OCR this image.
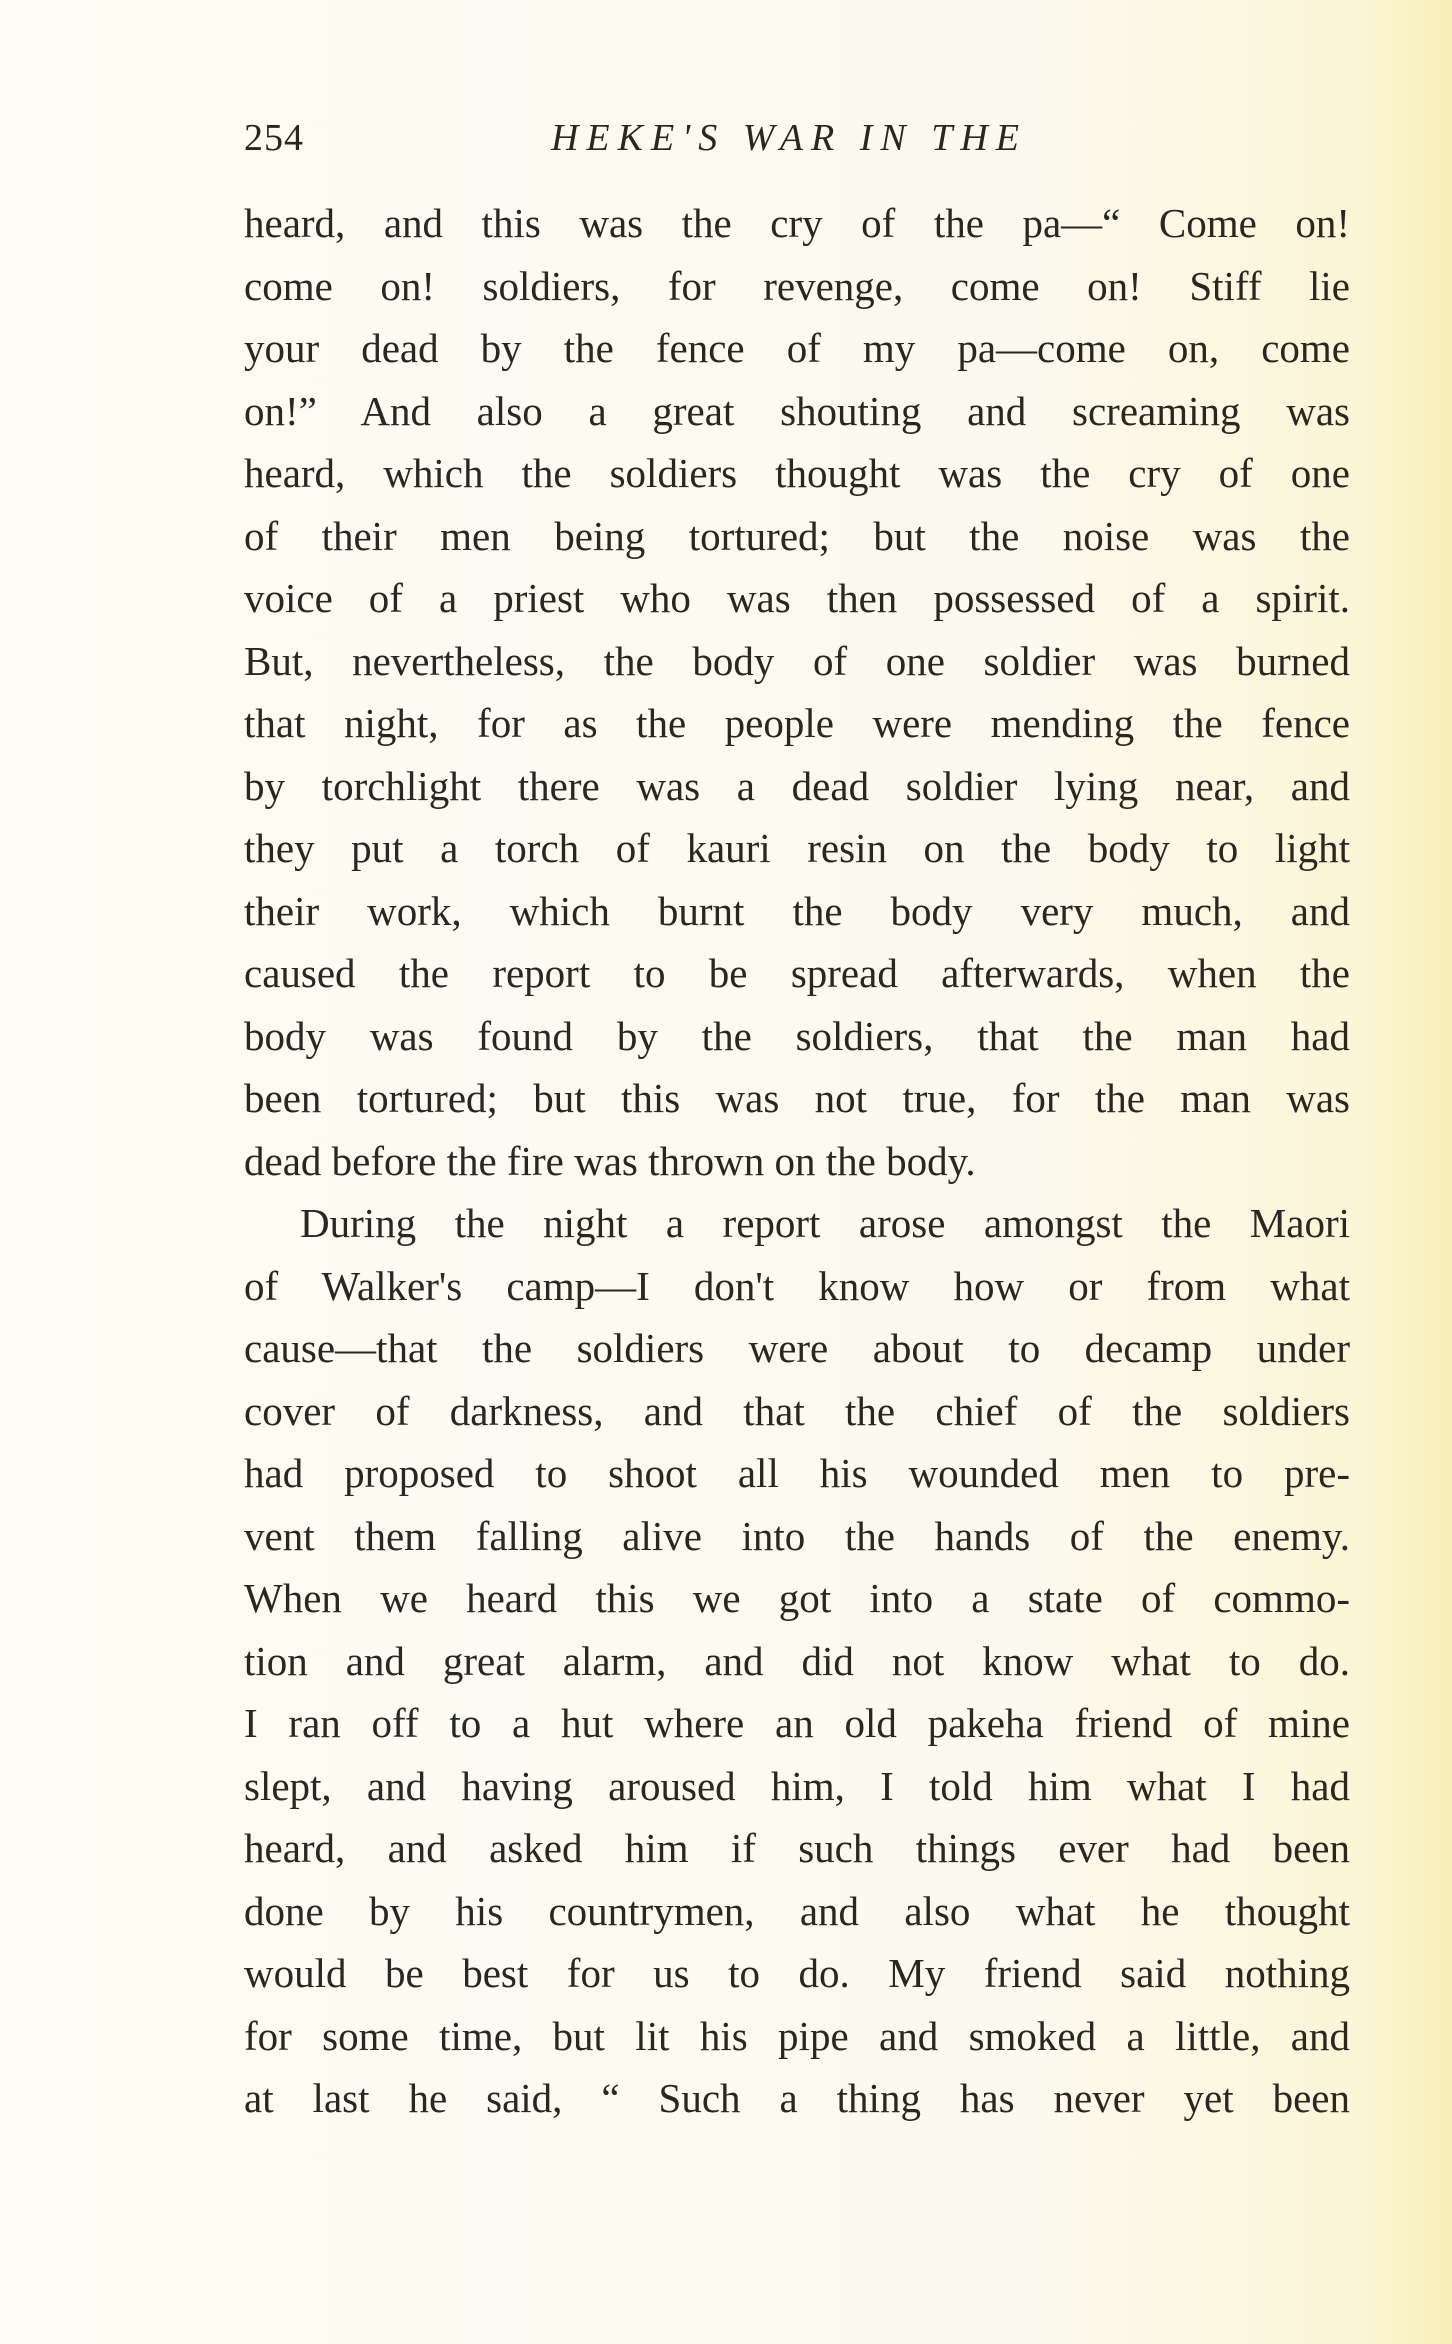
254	HEKE'S WAR IN THE
heard, and this was the cry of the pa—“ Come on!
come on! soldiers, for revenge, come on! Stiff lie
your dead by the fence of my pa—come on, come
on!” And also a great shouting and screaming was
heard, which the soldiers thought was the cry of one
of their men being tortured; but the noise was the
voice of a priest who was then possessed of a spirit.
But, nevertheless, the body of one soldier was burned
that night, for as the people were mending the fence
by torchlight there was a dead soldier lying near, and
they put a torch of kauri resin on the body to light
their work, which burnt the body very much, and
caused the report to be spread afterwards, when the
body was found by the soldiers, that the man had
been tortured; but this was not true, for the man was
dead before the fire was thrown on the body.
During the night a report arose amongst the Maori
of Walker's camp—I don't know how or from what
cause—that the soldiers were about to decamp under
cover of darkness, and that the chief of the soldiers
had proposed to shoot all his wounded men to pre-
vent them falling alive into the hands of the enemy.
When we heard this we got into a state of commo-
tion and great alarm, and did not know what to do.
I ran off to a hut where an old pakeha friend of mine
slept, and having aroused him, I told him what I had
heard, and asked him if such things ever had been
done by his countrymen, and also what he thought
would be best for us to do. My friend said nothing
for some time, but lit his pipe and smoked a little, and
at last he said, “ Such a thing has never yet been
